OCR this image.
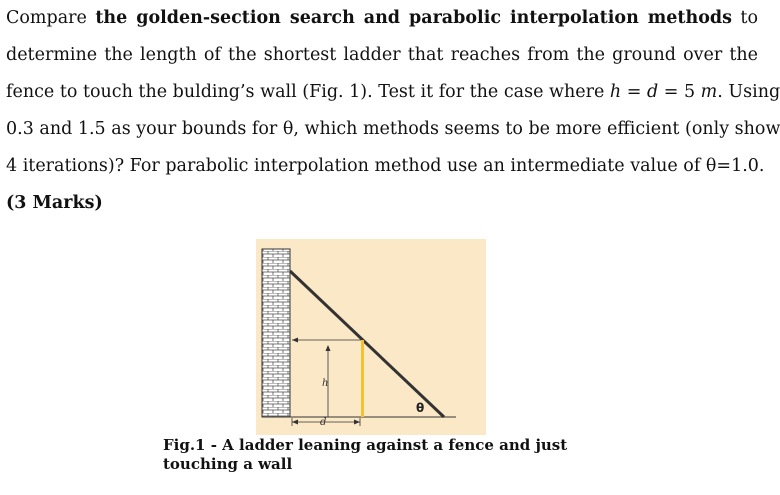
Compare the golden-section search and parabolic interpolation methods to
determine the length of the shortest ladder that reaches from the ground over the
fence to touch the bulding’s wall (Fig. 1). Test it for the case where h = d = 5 m. Using
0.3 and 1.5 as your bounds for θ, which methods seems to be more efficient (only show
4 iterations)? For parabolic interpolation method use an intermediate value of θ=1.0.
(3 Marks)
h
d
θ
Fig.1 - A ladder leaning against a fence and just
touching a wall
